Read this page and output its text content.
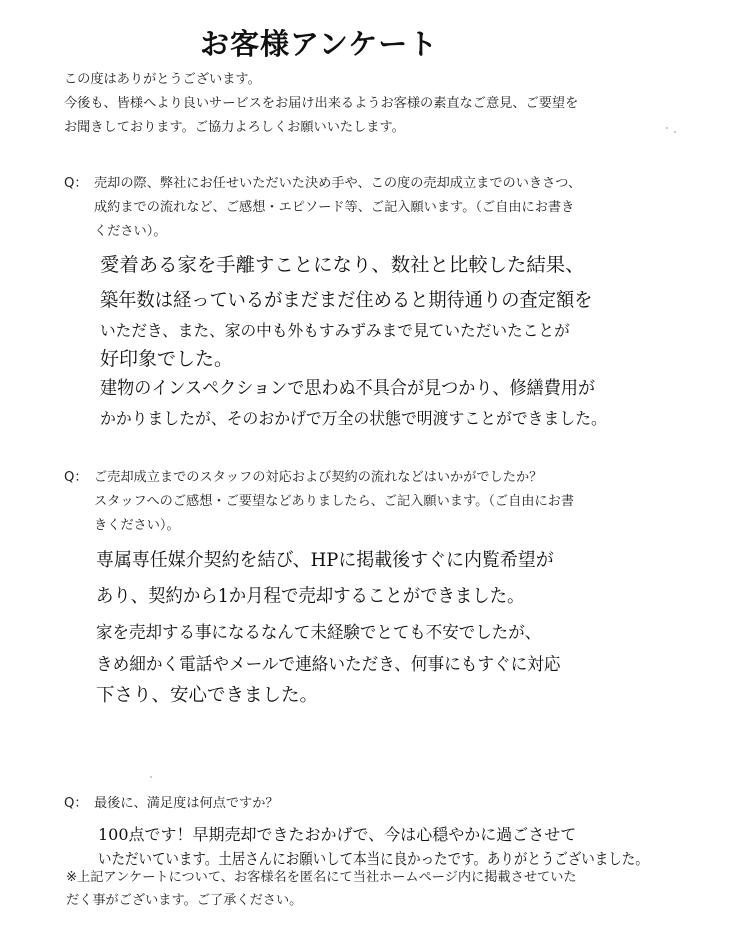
お客様アンケート
この度はありがとうございます。
今後も、皆様へより良いサービスをお届け出来るようお客様の素直なご意見、ご要望を
お聞きしております。ご協力よろしくお願いいたします。
Q： 売却の際、弊社にお任せいただいた決め手や、この度の売却成立までのいきさつ、
成約までの流れなど、ご感想・エピソード等、ご記入願います。（ご自由にお書き
ください）。
愛着ある家を手離すことになり、数社と比較した結果、
築年数は経っているがまだまだ住めると期待通りの査定額を
いただき、また、家の中も外もすみずみまで見ていただいたことが
好印象でした。
建物のインスペクションで思わぬ不具合が見つかり、修繕費用が
かかりましたが、そのおかげで万全の状態で明渡すことができました。
Q： ご売却成立までのスタッフの対応および契約の流れなどはいかがでしたか？
スタッフへのご感想・ご要望などありましたら、ご記入願います。（ご自由にお書
きください）。
専属専任媒介契約を結び、HPに掲載後すぐに内覧希望が
あり、契約から1か月程で売却することができました。
家を売却する事になるなんて未経験でとても不安でしたが、
きめ細かく電話やメールで連絡いただき、何事にもすぐに対応
下さり、安心できました。
Q： 最後に、満足度は何点ですか？
100点です！早期売却できたおかげで、今は心穏やかに過ごさせて
いただいています。土居さんにお願いして本当に良かったです。ありがとうございました。
※上記アンケートについて、お客様名を匿名にて当社ホームページ内に掲載させていた
だく事がございます。ご了承ください。
